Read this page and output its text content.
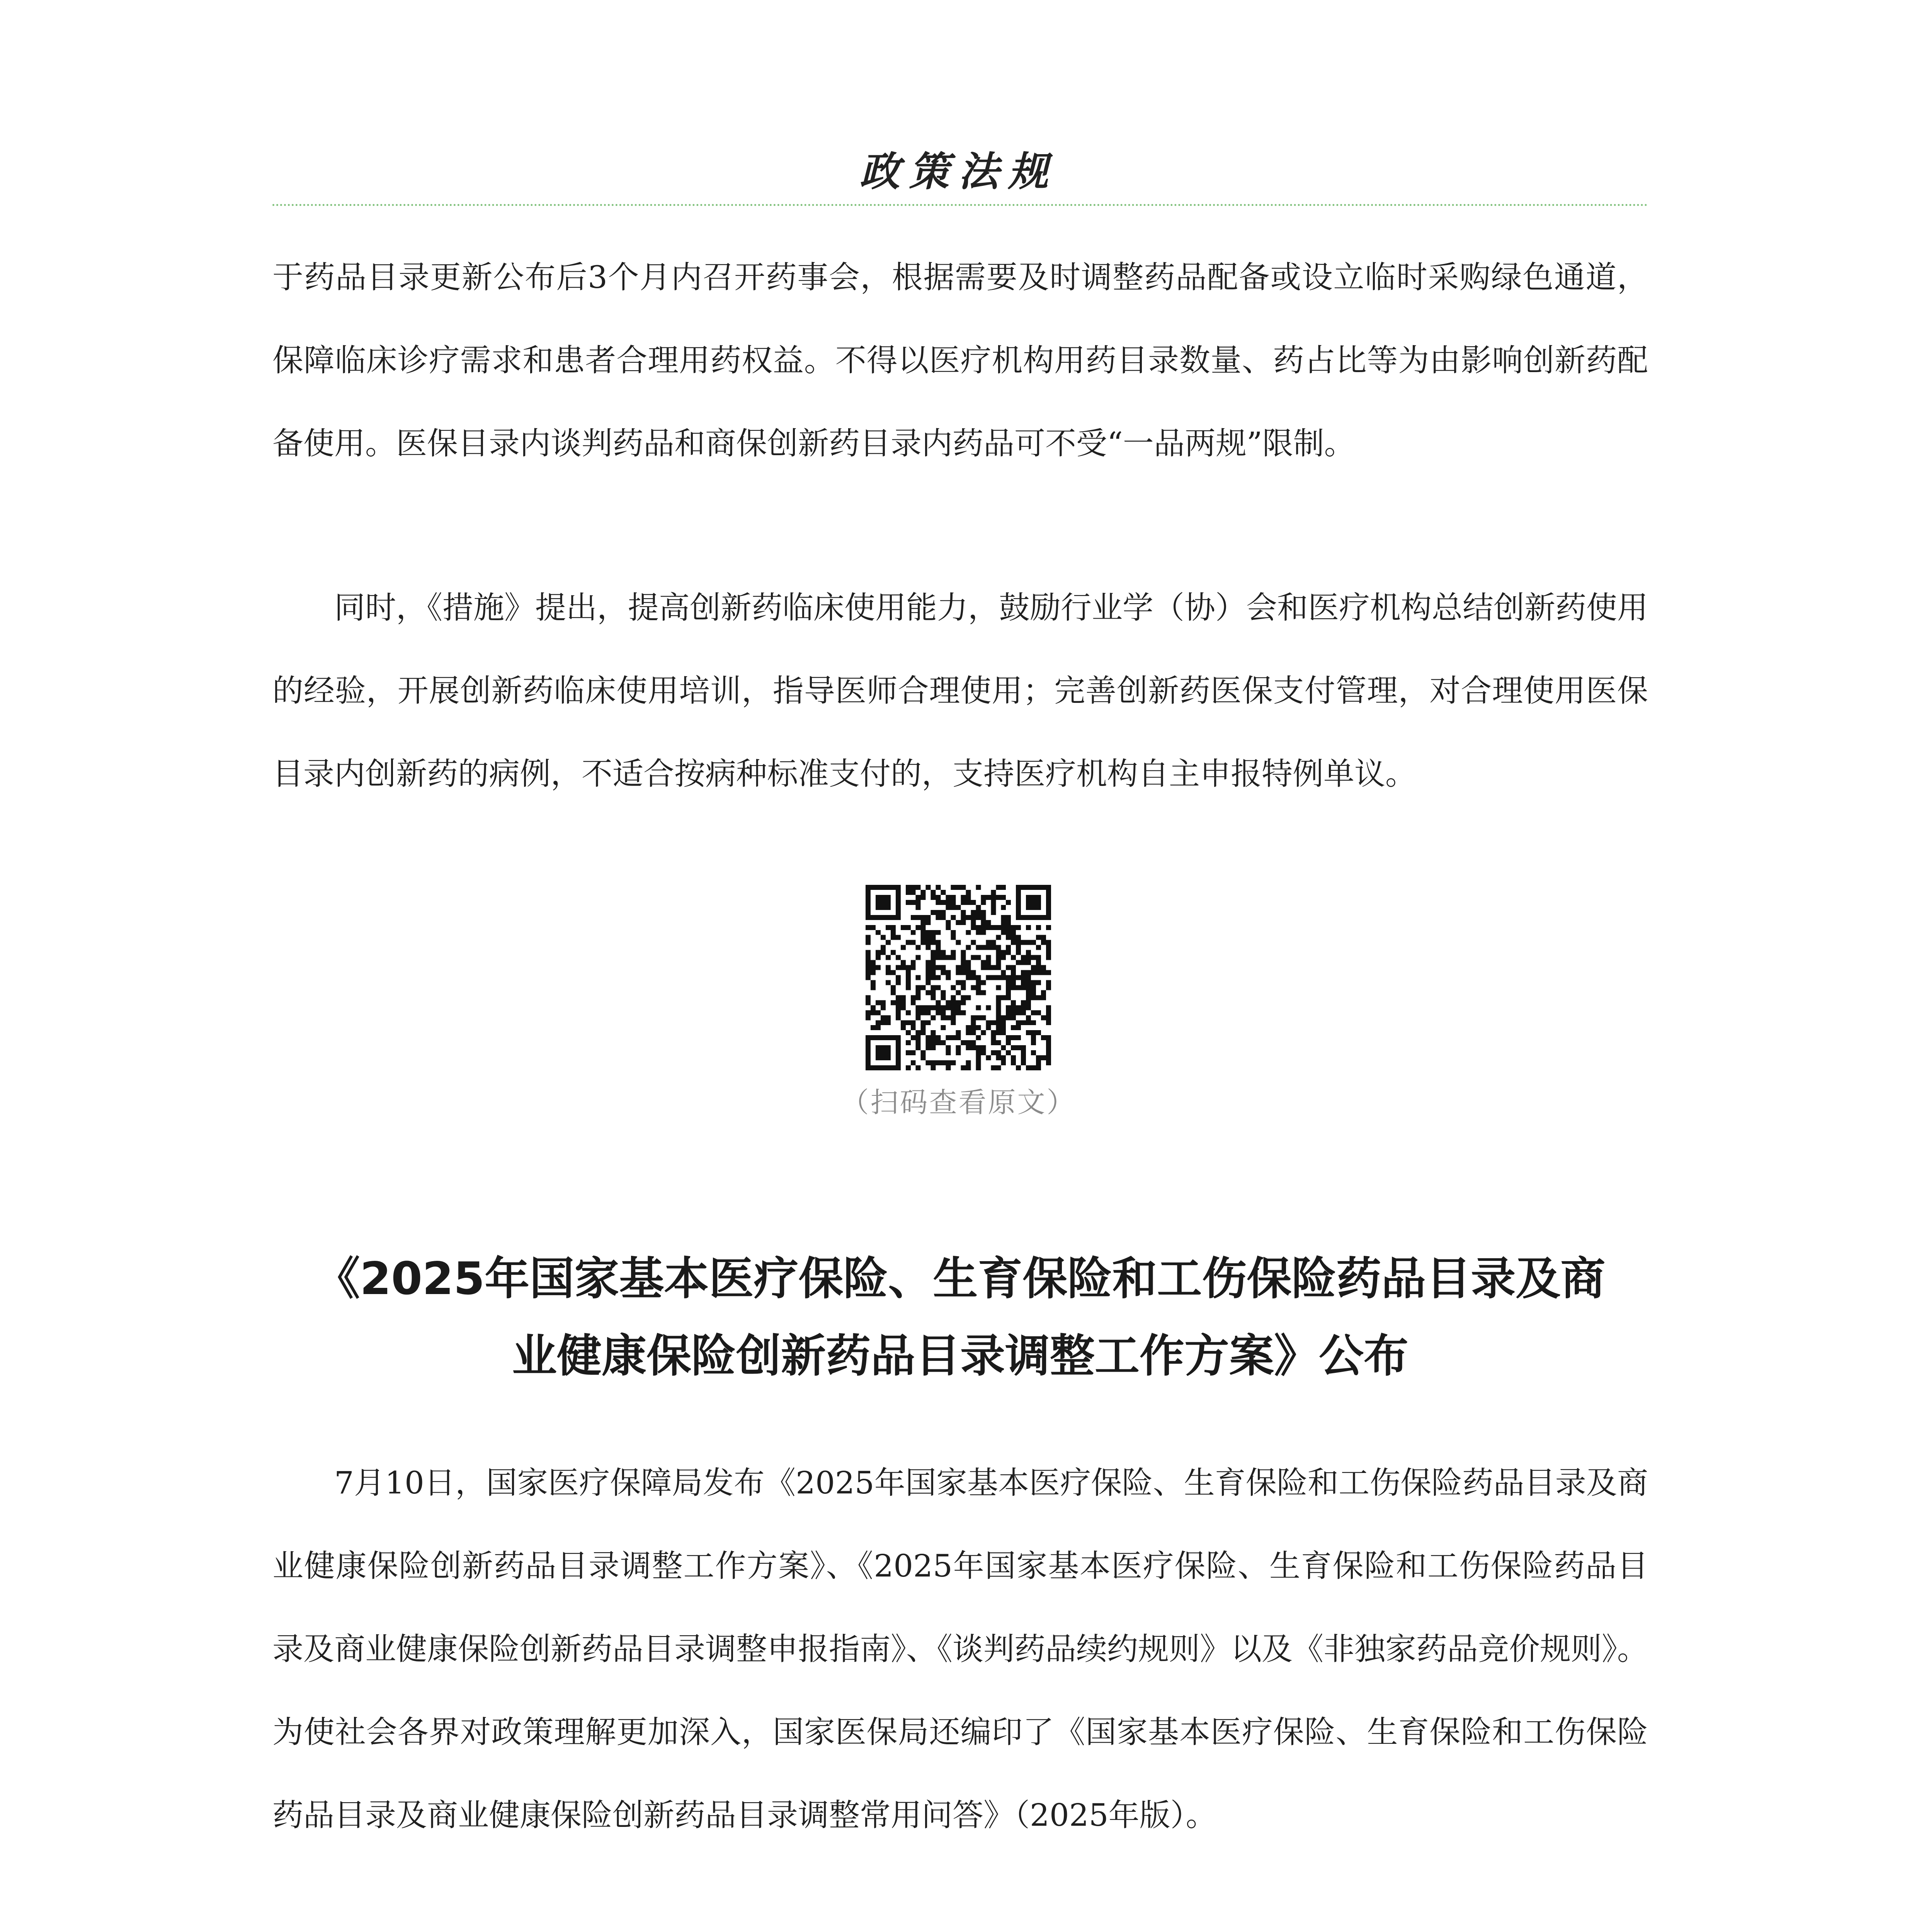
政策法规

于药品目录更新公布后3个月内召开药事会，根据需要及时调整药品配备或设立临时采购绿色通道，保障临床诊疗需求和患者合理用药权益。不得以医疗机构用药目录数量、药占比等为由影响创新药配备使用。医保目录内谈判药品和商保创新药目录内药品可不受“一品两规”限制。

同时，《措施》提出，提高创新药临床使用能力，鼓励行业学（协）会和医疗机构总结创新药使用的经验，开展创新药临床使用培训，指导医师合理使用；完善创新药医保支付管理，对合理使用医保目录内创新药的病例，不适合按病种标准支付的，支持医疗机构自主申报特例单议。

（扫码查看原文）
《2025年国家基本医疗保险、生育保险和工伤保险药品目录及商
业健康保险创新药品目录调整工作方案》公布

7月10日，国家医疗保障局发布《2025年国家基本医疗保险、生育保险和工伤保险药品目录及商业健康保险创新药品目录调整工作方案》、《2025年国家基本医疗保险、生育保险和工伤保险药品目录及商业健康保险创新药品目录调整申报指南》、《谈判药品续约规则》以及《非独家药品竞价规则》。为使社会各界对政策理解更加深入，国家医保局还编印了《国家基本医疗保险、生育保险和工伤保险药品目录及商业健康保险创新药品目录调整常用问答》（2025年版）。
